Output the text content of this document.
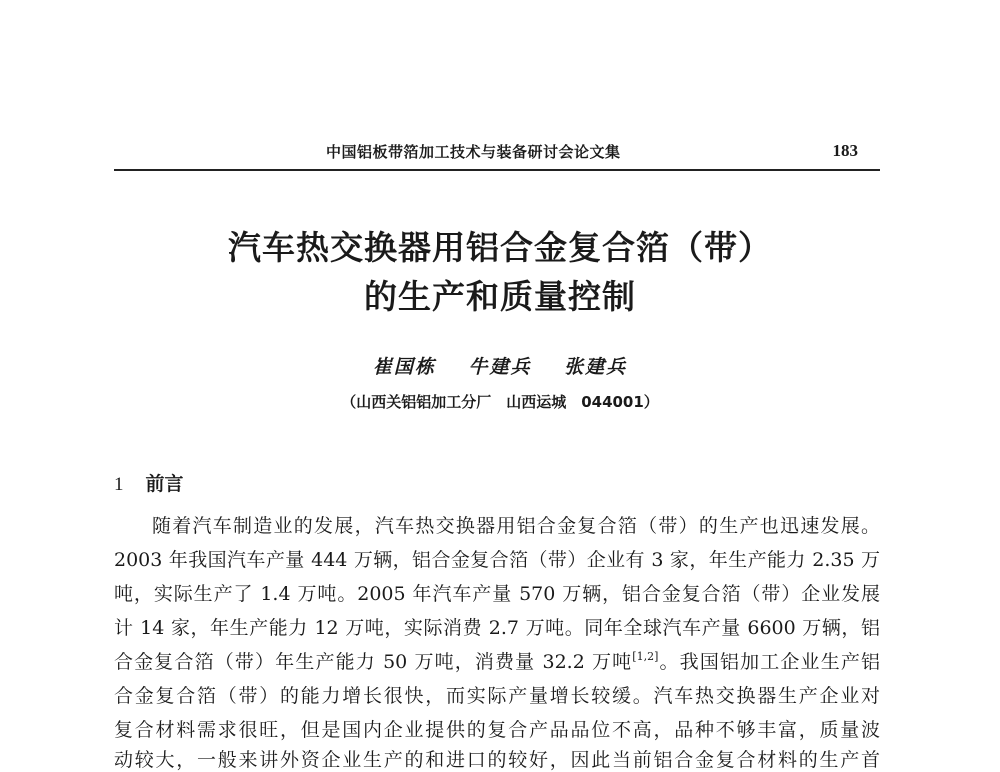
中国铝板带箔加工技术与装备研讨会论文集	183
汽车热交换器用铝合金复合箔（带）
的生产和质量控制
崔国栋 牛建兵 张建兵
（山西关铝铝加工分厂　山西运城　044001）
1 前言
随着汽车制造业的发展，汽车热交换器用铝合金复合箔（带）的生产也迅速发展。
2003 年我国汽车产量 444 万辆，铝合金复合箔（带）企业有 3 家，年生产能力 2.35 万
吨，实际生产了 1.4 万吨。2005 年汽车产量 570 万辆，铝合金复合箔（带）企业发展
计 14 家，年生产能力 12 万吨，实际消费 2.7 万吨。同年全球汽车产量 6600 万辆，铝
合金复合箔（带）年生产能力 50 万吨，消费量 32.2 万吨[1,2]。我国铝加工企业生产铝
合金复合箔（带）的能力增长很快，而实际产量增长较缓。汽车热交换器生产企业对
复合材料需求很旺，但是国内企业提供的复合产品品位不高，品种不够丰富，质量波
动较大，一般来讲外资企业生产的和进口的较好，因此当前铝合金复合材料的生产首
